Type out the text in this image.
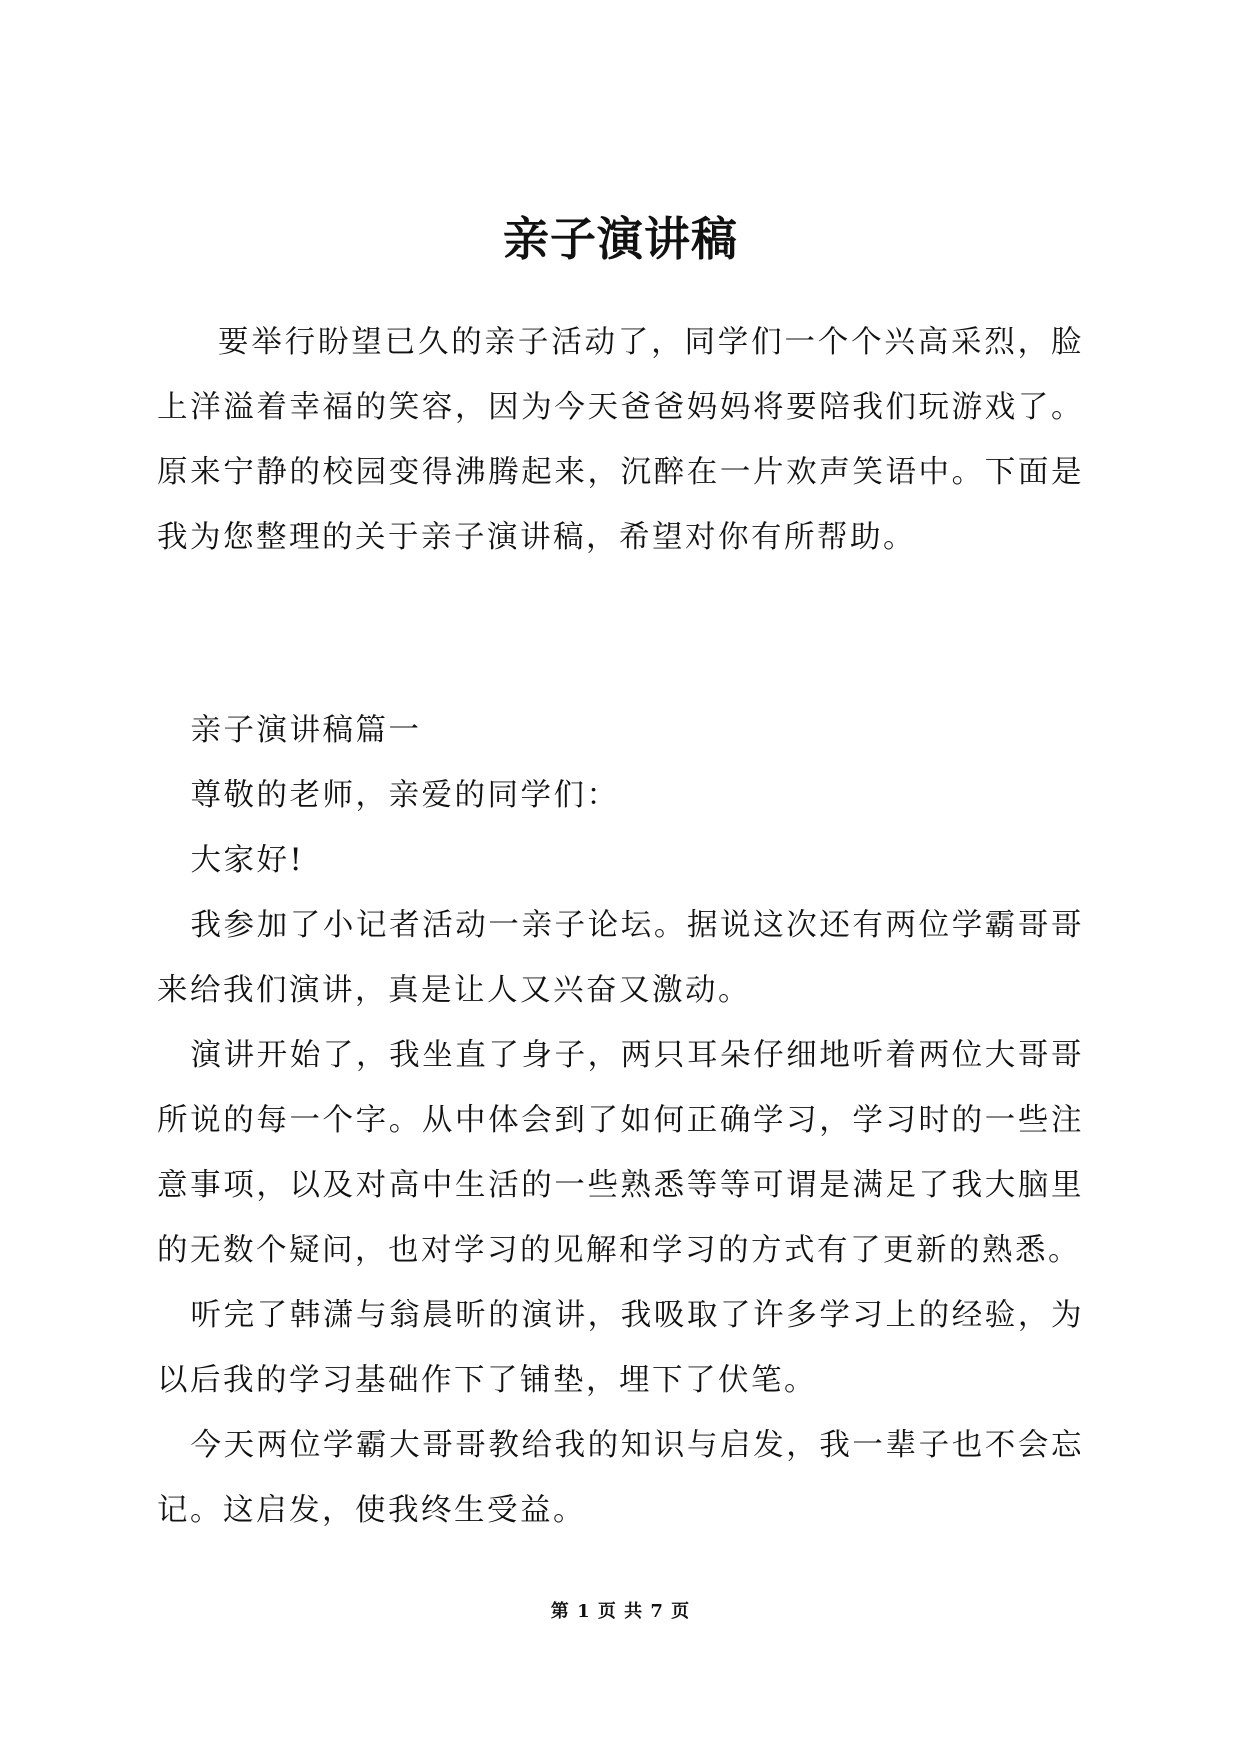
亲子演讲稿

要举行盼望已久的亲子活动了，同学们一个个兴高采烈，脸上洋溢着幸福的笑容，因为今天爸爸妈妈将要陪我们玩游戏了。原来宁静的校园变得沸腾起来，沉醉在一片欢声笑语中。下面是我为您整理的关于亲子演讲稿，希望对你有所帮助。

亲子演讲稿篇一

尊敬的老师，亲爱的同学们：

大家好!

我参加了小记者活动一亲子论坛。据说这次还有两位学霸哥哥来给我们演讲，真是让人又兴奋又激动。

演讲开始了，我坐直了身子，两只耳朵仔细地听着两位大哥哥所说的每一个字。从中体会到了如何正确学习，学习时的一些注意事项，以及对高中生活的一些熟悉等等可谓是满足了我大脑里的无数个疑问，也对学习的见解和学习的方式有了更新的熟悉。

听完了韩潇与翁晨昕的演讲，我吸取了许多学习上的经验，为以后我的学习基础作下了铺垫，埋下了伏笔。

今天两位学霸大哥哥教给我的知识与启发，我一辈子也不会忘记。这启发，使我终生受益。

第 1 页 共 7 页
